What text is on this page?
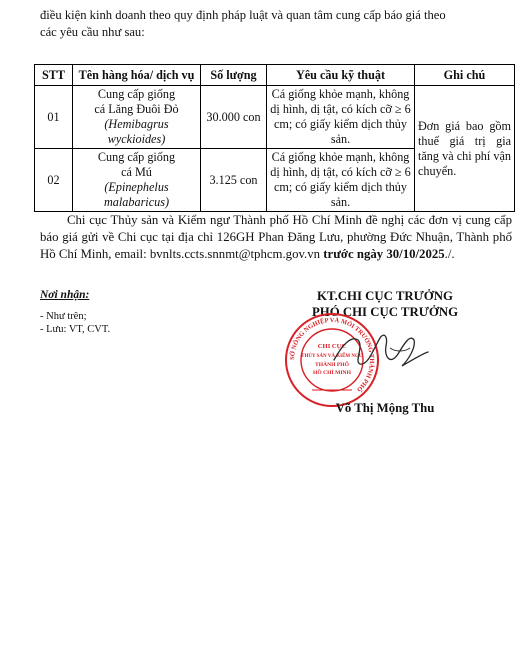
điều kiện kinh doanh theo quy định pháp luật và quan tâm cung cấp báo giá theo
các yêu cầu như sau:
STT	Tên hàng hóa/ dịch vụ	Số lượng	Yêu cầu kỹ thuật	Ghi chú
01	Cung cấp giống
cá Lăng Đuôi Đỏ
(Hemibagrus wyckioides)	30.000 con	Cá giống khỏe mạnh, không dị hình, dị tật, có kích cỡ ≥ 6 cm; có giấy kiểm dịch thủy sản.	Đơn giá bao gồm thuế giá trị gia tăng và chi phí vận chuyển.
02	Cung cấp giống
cá Mú
(Epinephelus malabaricus)	3.125 con	Cá giống khỏe mạnh, không dị hình, dị tật, có kích cỡ ≥ 6 cm; có giấy kiểm dịch thủy sản.	
Chi cục Thủy sản và Kiểm ngư Thành phố Hồ Chí Minh đề nghị các đơn vị cung cấp báo giá gửi về Chi cục tại địa chỉ 126GH Phan Đăng Lưu, phường Đức Nhuận, Thành phố Hồ Chí Minh, email: bvnlts.ccts.snnmt@tphcm.gov.vn trước ngày 30/10/2025./.
Nơi nhận:
- Như trên;
- Lưu: VT, CVT.
KT.CHI CỤC TRƯỞNG
PHÓ CHI CỤC TRƯỞNG
SỞ NÔNG NGHIỆP VÀ MÔI TRƯỜNG THÀNH PHỐ
CHI CỤC
THỦY SẢN VÀ KIỂM NGƯ
THÀNH PHỐ
HỒ CHÍ MINH
Võ Thị Mộng Thu
